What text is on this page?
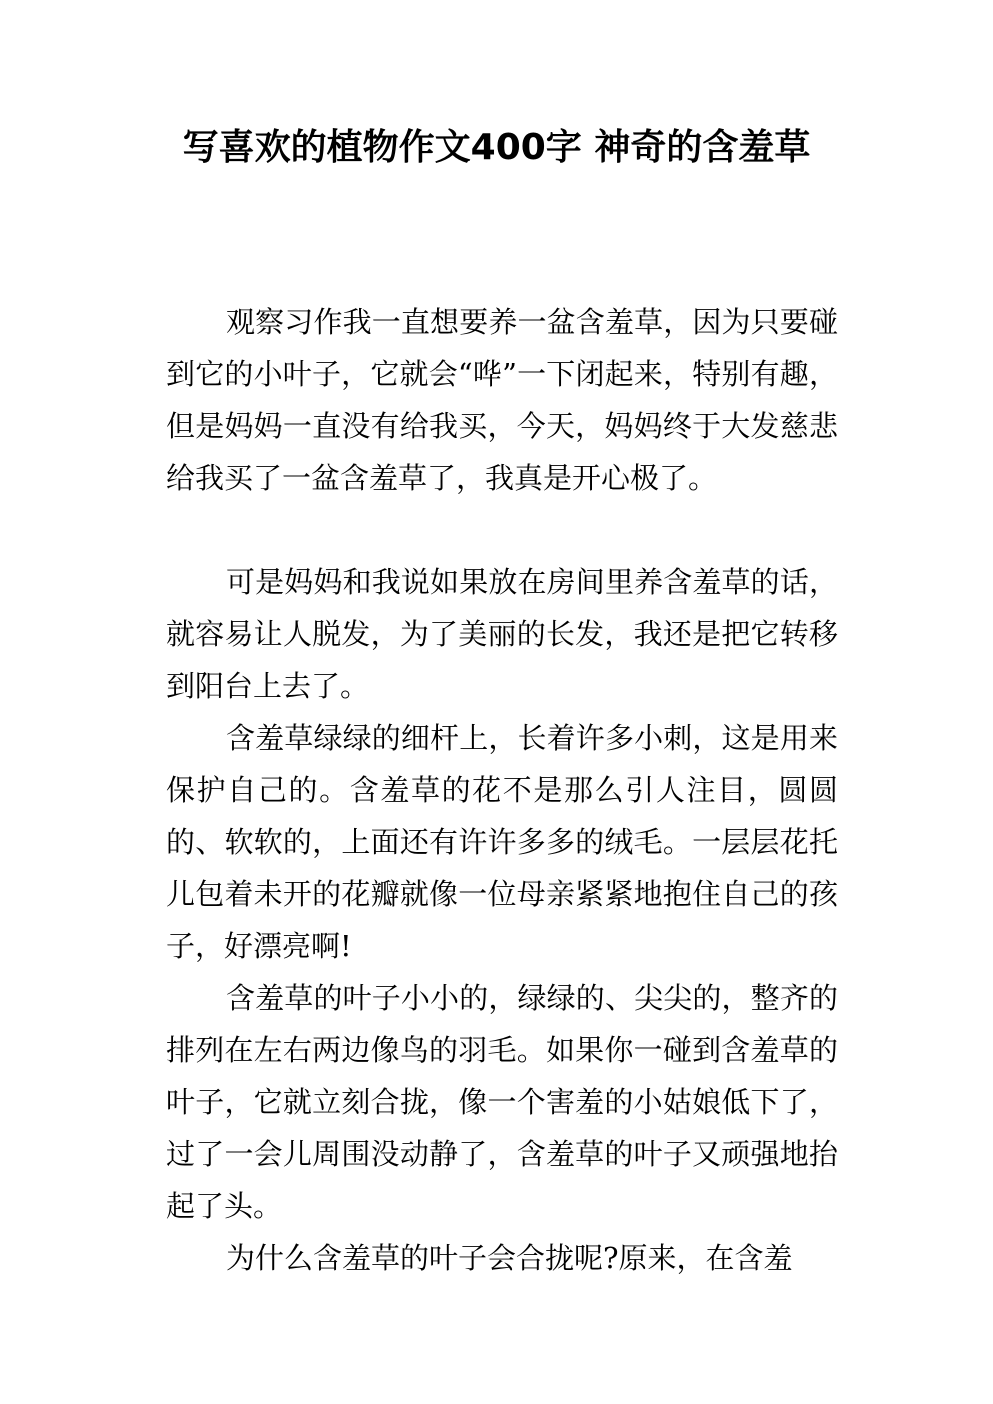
写喜欢的植物作文400字 神奇的含羞草

观察习作我一直想要养一盆含羞草，因为只要碰到它的小叶子，它就会“哗”一下闭起来，特别有趣，但是妈妈一直没有给我买，今天，妈妈终于大发慈悲给我买了一盆含羞草了，我真是开心极了。

可是妈妈和我说如果放在房间里养含羞草的话，就容易让人脱发，为了美丽的长发，我还是把它转移到阳台上去了。

含羞草绿绿的细杆上，长着许多小刺，这是用来保护自己的。含羞草的花不是那么引人注目，圆圆的、软软的，上面还有许许多多的绒毛。一层层花托儿包着未开的花瓣就像一位母亲紧紧地抱住自己的孩子，好漂亮啊!

含羞草的叶子小小的，绿绿的、尖尖的，整齐的排列在左右两边像鸟的羽毛。如果你一碰到含羞草的叶子，它就立刻合拢，像一个害羞的小姑娘低下了，过了一会儿周围没动静了，含羞草的叶子又顽强地抬起了头。

为什么含羞草的叶子会合拢呢?原来，在含羞
